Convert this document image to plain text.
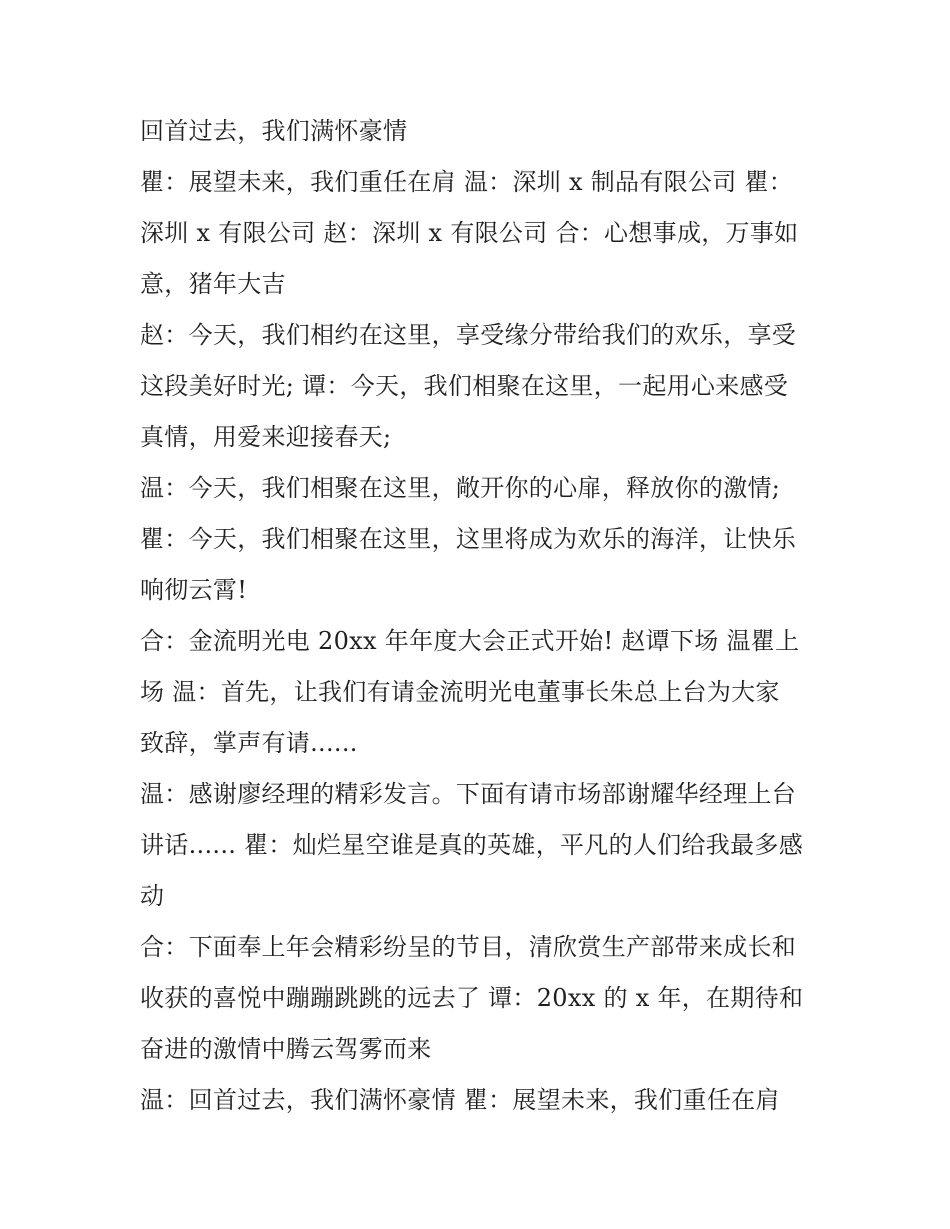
回首过去，我们满怀豪情

瞿：展望未来，我们重任在肩 温：深圳 x 制品有限公司 瞿：
深圳 x 有限公司 赵：深圳 x 有限公司 合：心想事成，万事如
意，猪年大吉

赵：今天，我们相约在这里，享受缘分带给我们的欢乐，享受
这段美好时光; 谭：今天，我们相聚在这里，一起用心来感受
真情，用爱来迎接春天;

温：今天，我们相聚在这里，敞开你的心扉，释放你的激情;

瞿：今天，我们相聚在这里，这里将成为欢乐的海洋，让快乐
响彻云霄!

合：金流明光电 20xx 年年度大会正式开始! 赵谭下场 温瞿上
场 温：首先，让我们有请金流明光电董事长朱总上台为大家
致辞，掌声有请......

温：感谢廖经理的精彩发言。下面有请市场部谢耀华经理上台
讲话...... 瞿：灿烂星空谁是真的英雄，平凡的人们给我最多感
动

合：下面奉上年会精彩纷呈的节目，清欣赏生产部带来成长和
收获的喜悦中蹦蹦跳跳的远去了 谭：20xx 的 x 年，在期待和
奋进的激情中腾云驾雾而来

温：回首过去，我们满怀豪情 瞿：展望未来，我们重任在肩
